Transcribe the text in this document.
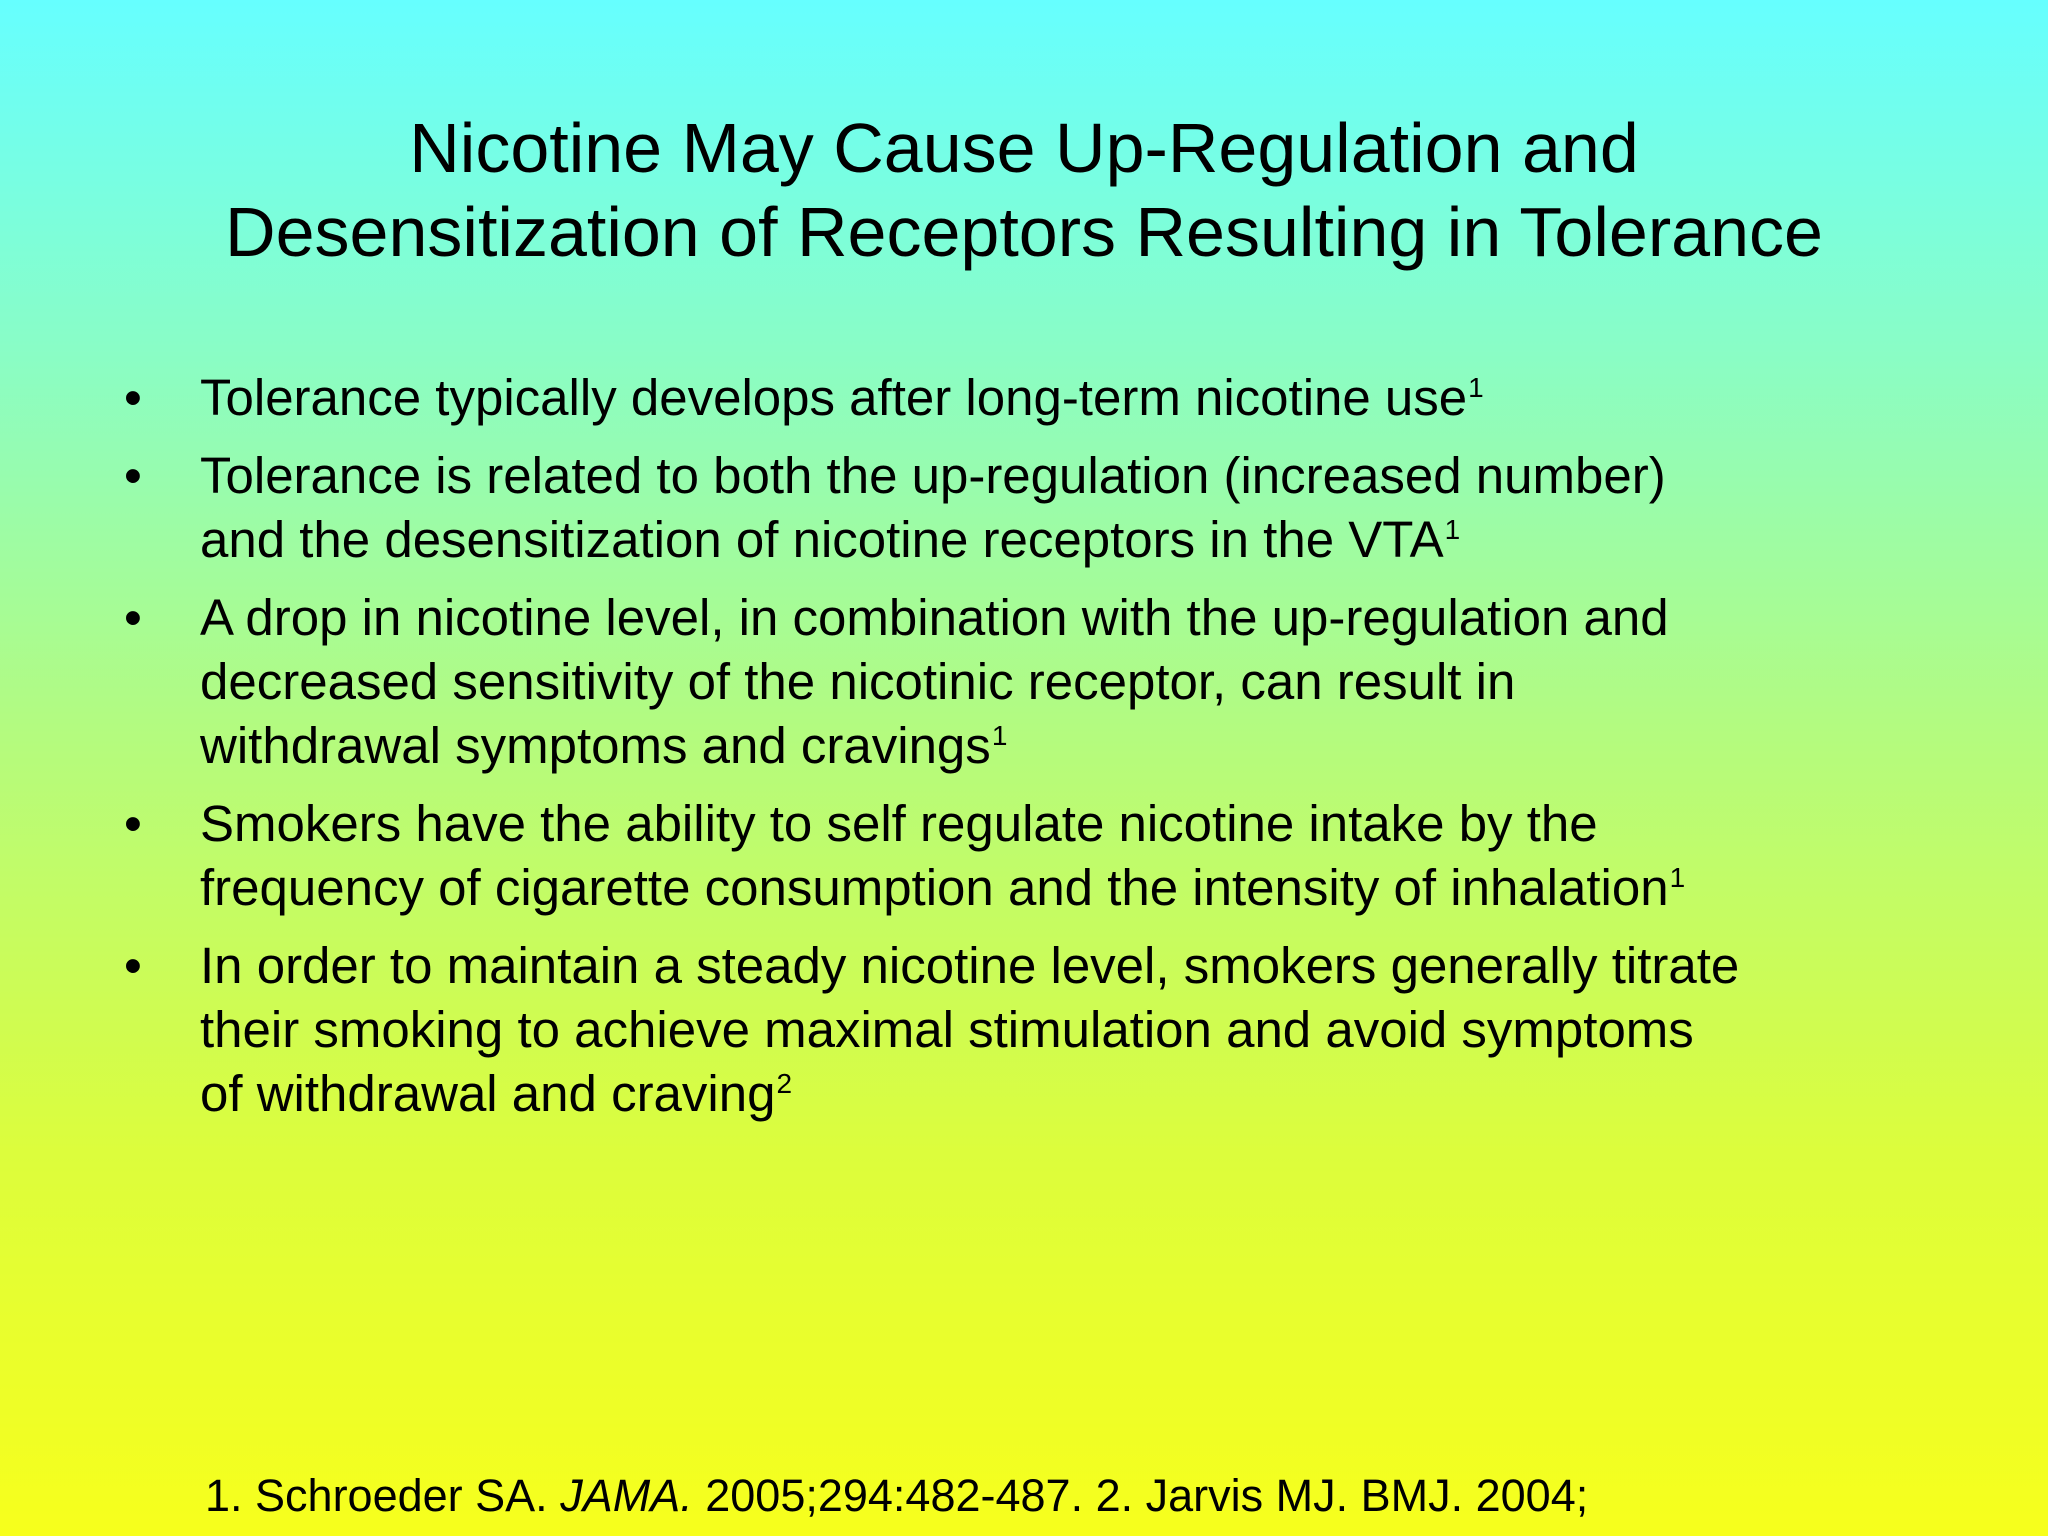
Nicotine May Cause Up-Regulation and
Desensitization of Receptors Resulting in Tolerance
• Tolerance typically develops after long-term nicotine use$^1$
• Tolerance is related to both the up-regulation (increased number)
and the desensitization of nicotine receptors in the VTA$^1$
• A drop in nicotine level, in combination with the up-regulation and
decreased sensitivity of the nicotinic receptor, can result in
withdrawal symptoms and cravings$^1$
• Smokers have the ability to self regulate nicotine intake by the
frequency of cigarette consumption and the intensity of inhalation$^1$
• In order to maintain a steady nicotine level, smokers generally titrate
their smoking to achieve maximal stimulation and avoid symptoms
of withdrawal and craving$^2$
1. Schroeder SA. JAMA. 2005;294:482-487. 2. Jarvis MJ. BMJ. 2004;
